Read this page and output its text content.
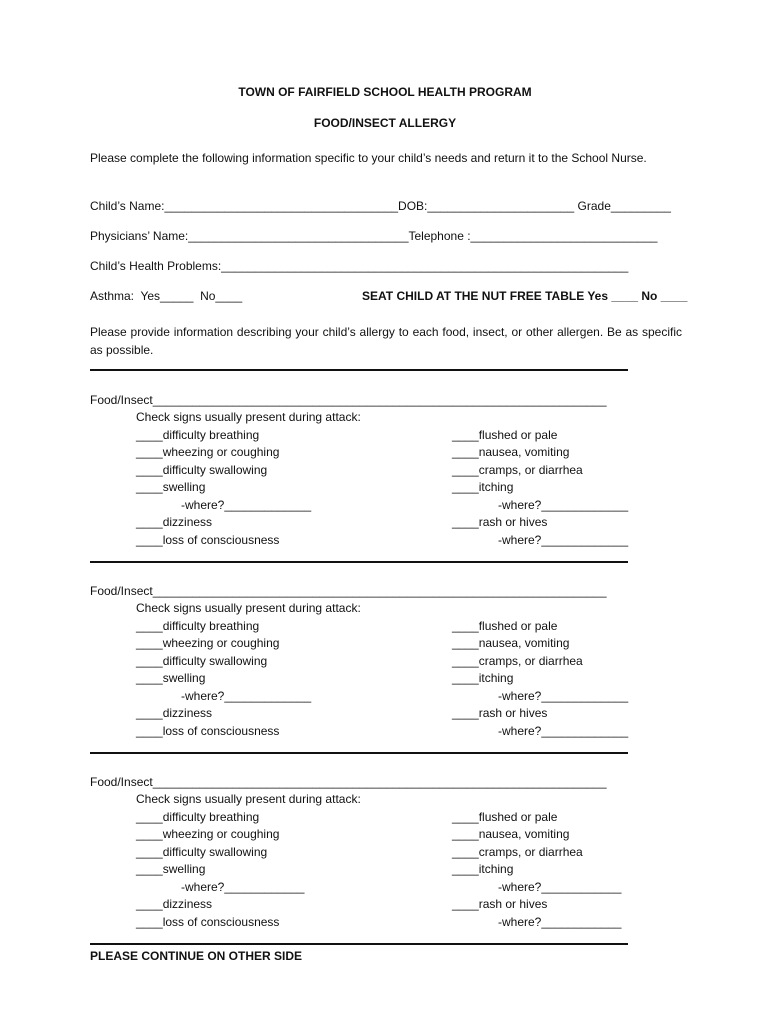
TOWN OF FAIRFIELD SCHOOL HEALTH PROGRAM
FOOD/INSECT ALLERGY
Please complete the following information specific to your child’s needs and return it to the School Nurse.
Child’s Name:___________________________________DOB:______________________ Grade_________
Physicians’ Name:_________________________________Telephone :____________________________
Child’s Health Problems:_____________________________________________________________
Asthma:  Yes_____  No____	SEAT CHILD AT THE NUT FREE TABLE Yes ____ No ____
Please provide information describing your child’s allergy to each food, insect, or other allergen. Be as specific as possible.
Food/Insect____________________________________________________________________
Check signs usually present during attack:
____difficulty breathing
____wheezing or coughing
____difficulty swallowing
____swelling
-where?_____________
____dizziness
____loss of consciousness
____flushed or pale
____nausea, vomiting
____cramps, or diarrhea
____itching
-where?_____________
____rash or hives
-where?_____________
Food/Insect____________________________________________________________________
Check signs usually present during attack:
____difficulty breathing
____wheezing or coughing
____difficulty swallowing
____swelling
-where?_____________
____dizziness
____loss of consciousness
____flushed or pale
____nausea, vomiting
____cramps, or diarrhea
____itching
-where?_____________
____rash or hives
-where?_____________
Food/Insect____________________________________________________________________
Check signs usually present during attack:
____difficulty breathing
____wheezing or coughing
____difficulty swallowing
____swelling
-where?____________
____dizziness
____loss of consciousness
____flushed or pale
____nausea, vomiting
____cramps, or diarrhea
____itching
-where?____________
____rash or hives
-where?____________
PLEASE CONTINUE ON OTHER SIDE
